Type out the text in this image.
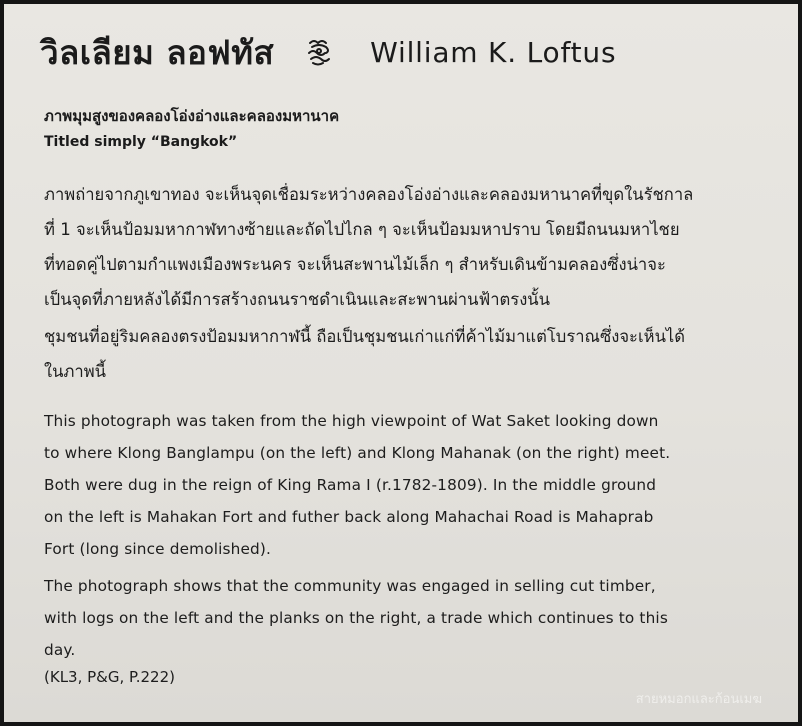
วิลเลียม ลอฟทัส	William K. Loftus
ภาพมุมสูงของคลองโอ่งอ่างและคลองมหานาค
Titled simply “Bangkok”
ภาพถ่ายจากภูเขาทอง จะเห็นจุดเชื่อมระหว่างคลองโอ่งอ่างและคลองมหานาคที่ขุดในรัชกาล
ที่ 1 จะเห็นป้อมมหากาฬทางซ้ายและถัดไปไกล ๆ จะเห็นป้อมมหาปราบ โดยมีถนนมหาไชย
ที่ทอดคู่ไปตามกำแพงเมืองพระนคร จะเห็นสะพานไม้เล็ก ๆ สำหรับเดินข้ามคลองซึ่งน่าจะ
เป็นจุดที่ภายหลังได้มีการสร้างถนนราชดำเนินและสะพานผ่านฟ้าตรงนั้น
ชุมชนที่อยู่ริมคลองตรงป้อมมหากาฬนี้ ถือเป็นชุมชนเก่าแก่ที่ค้าไม้มาแต่โบราณซึ่งจะเห็นได้
ในภาพนี้
This photograph was taken from the high viewpoint of Wat Saket looking down
to where Klong Banglampu (on the left) and Klong Mahanak (on the right) meet.
Both were dug in the reign of King Rama I (r.1782-1809). In the middle ground
on the left is Mahakan Fort and futher back along Mahachai Road is Mahaprab
Fort (long since demolished).
The photograph shows that the community was engaged in selling cut timber,
with logs on the left and the planks on the right, a trade which continues to this
day.
(KL3, P&G, P.222)
สายหมอกและก้อนเมฆ
